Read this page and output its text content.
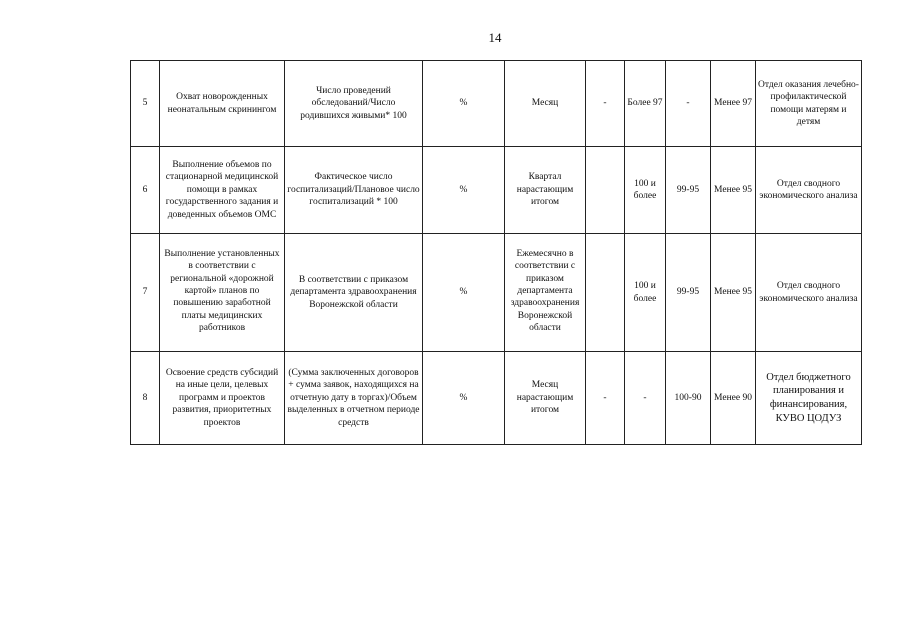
14
5	Охват новорожденных неонатальным скринингом	Число проведений обследований/Число родившихся живыми* 100	%	Месяц	-	Более 97	-	Менее 97	Отдел оказания лечебно-профилактической помощи матерям и детям
6	Выполнение объемов по стационарной медицинской помощи в рамках государственного задания и доведенных объемов ОМС	Фактическое число госпитализаций/Плановое число госпитализаций * 100	%	Квартал нарастающим итогом		100 и более	99-95	Менее 95	Отдел сводного экономического анализа
7	Выполнение установленных в соответствии с региональной «дорожной картой» планов по повышению заработной платы медицинских работников	В соответствии с приказом департамента здравоохранения Воронежской области	%	Ежемесячно в соответствии с приказом департамента здравоохранения Воронежской области		100 и более	99-95	Менее 95	Отдел сводного экономического анализа
8	Освоение средств субсидий на иные цели, целевых программ и проектов развития, приоритетных проектов	(Сумма заключенных договоров + сумма заявок, находящихся на отчетную дату в торгах)/Объем выделенных в отчетном периоде средств	%	Месяц нарастающим итогом	-	-	100-90	Менее 90	Отдел бюджетного планирования и финансирования, КУВО ЦОДУЗ
